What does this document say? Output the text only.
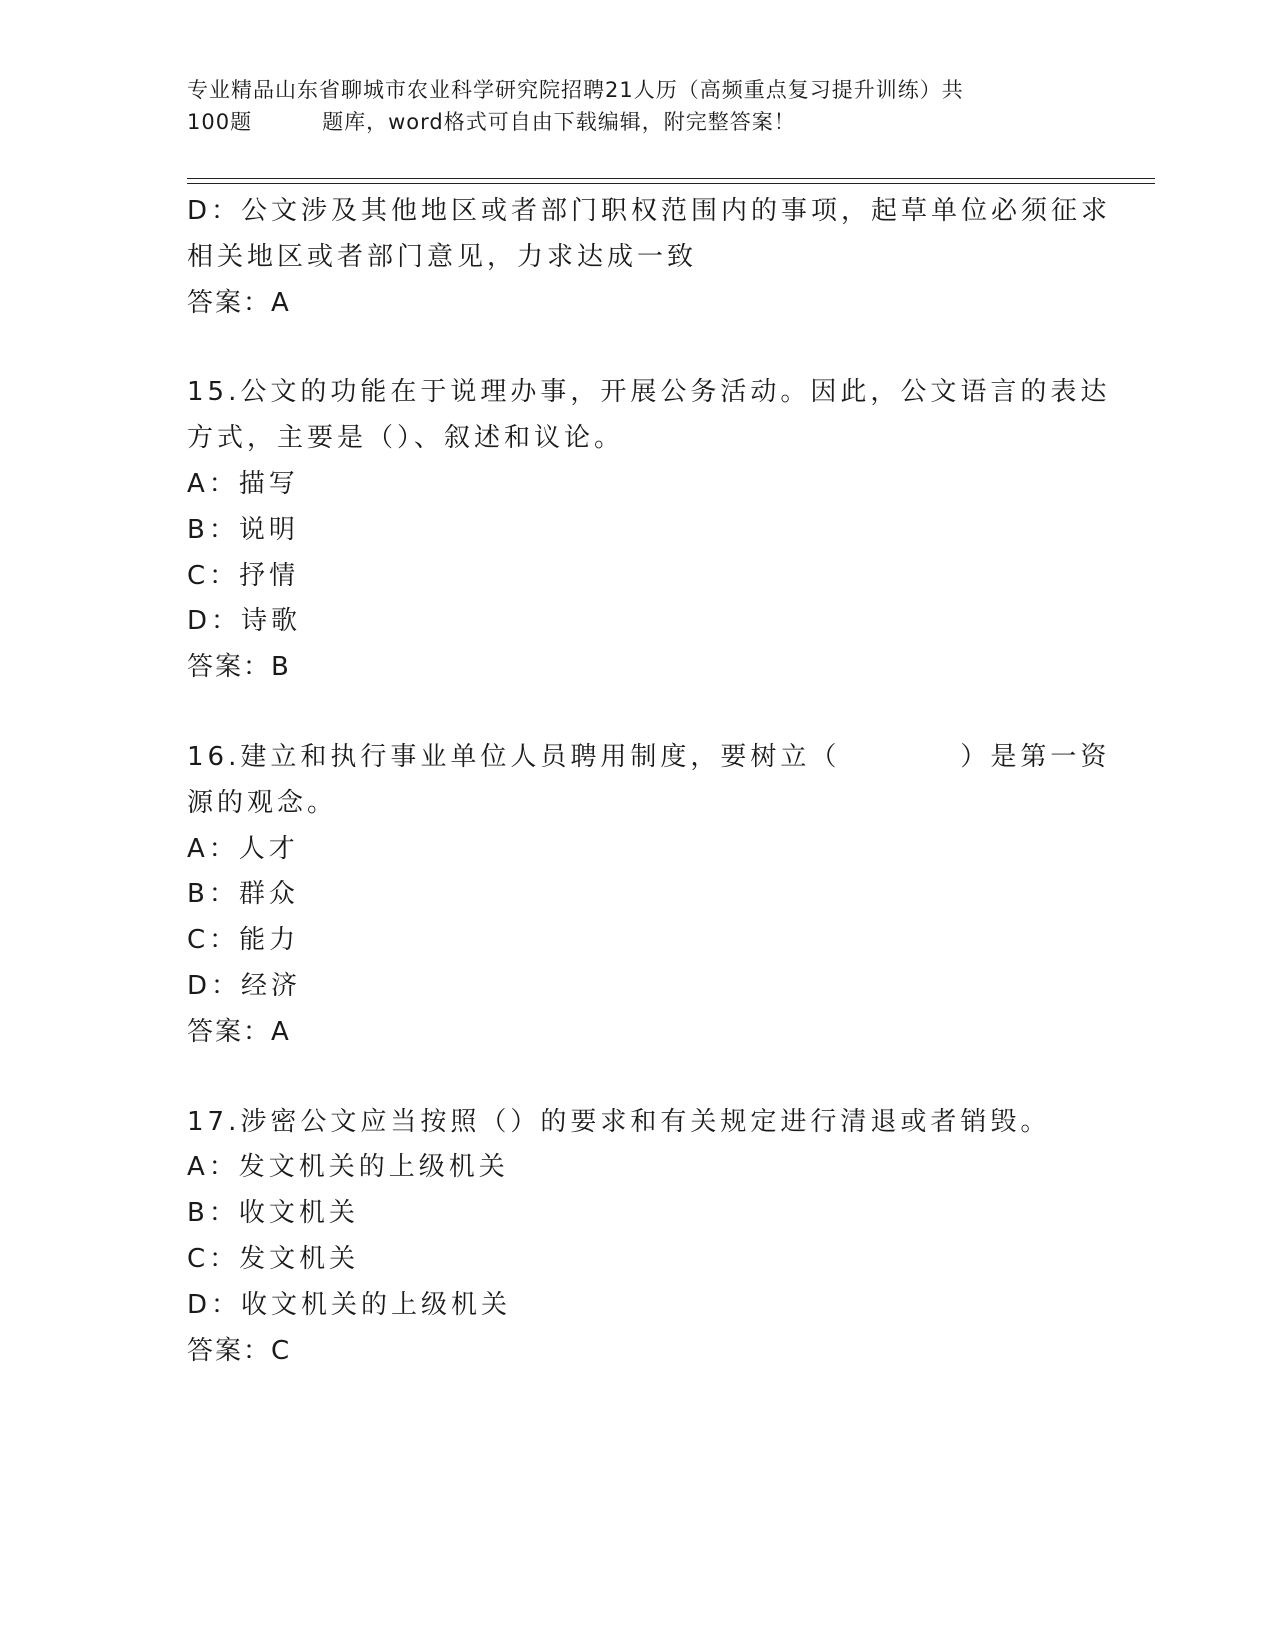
专业精品山东省聊城市农业科学研究院招聘21人历（高频重点复习提升训练）共
100题	题库，word格式可自由下载编辑，附完整答案！
D：公文涉及其他地区或者部门职权范围内的事项，起草单位必须征求
相关地区或者部门意见，力求达成一致
答案：A
15.公文的功能在于说理办事，开展公务活动。因此，公文语言的表达
方式，主要是（）、叙述和议论。
A：描写
B：说明
C：抒情
D：诗歌
答案：B
16.建立和执行事业单位人员聘用制度，要树立（	）是第一资
源的观念。
A：人才
B：群众
C：能力
D：经济
答案：A
17.涉密公文应当按照（）的要求和有关规定进行清退或者销毁。
A：发文机关的上级机关
B：收文机关
C：发文机关
D：收文机关的上级机关
答案：C
